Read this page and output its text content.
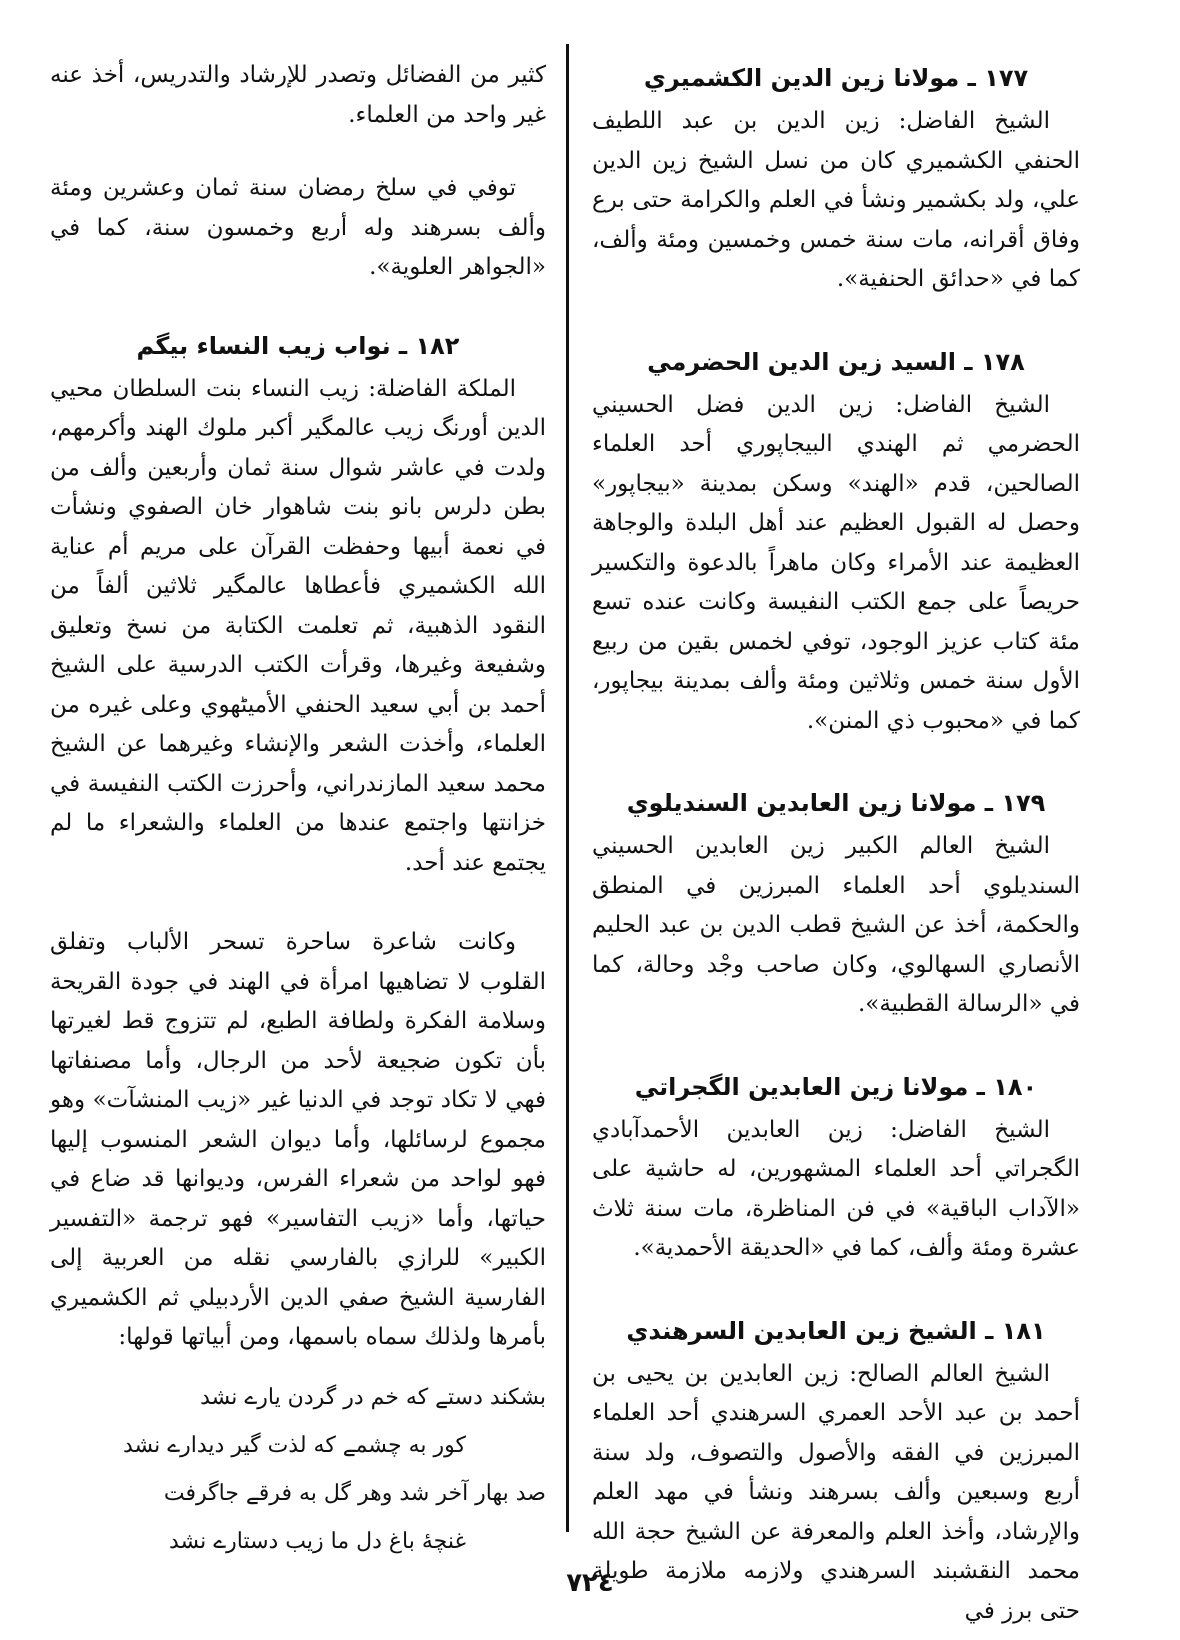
١٧٧ ـ مولانا زين الدين الكشميري

الشيخ الفاضل: زين الدين بن عبد اللطيف الحنفي الكشميري كان من نسل الشيخ زين الدين علي، ولد بكشمير ونشأ في العلم والكرامة حتى برع وفاق أقرانه، مات سنة خمس وخمسين ومئة وألف، كما في «حدائق الحنفية».

١٧٨ ـ السيد زين الدين الحضرمي

الشيخ الفاضل: زين الدين فضل الحسيني الحضرمي ثم الهندي البيجاپوري أحد العلماء الصالحين، قدم «الهند» وسكن بمدينة «بيجاپور» وحصل له القبول العظيم عند أهل البلدة والوجاهة العظيمة عند الأمراء وكان ماهراً بالدعوة والتكسير حريصاً على جمع الكتب النفيسة وكانت عنده تسع مئة كتاب عزيز الوجود، توفي لخمس بقين من ربيع الأول سنة خمس وثلاثين ومئة وألف بمدينة بيجاپور، كما في «محبوب ذي المنن».

١٧٩ ـ مولانا زين العابدين السنديلوي

الشيخ العالم الكبير زين العابدين الحسيني السنديلوي أحد العلماء المبرزين في المنطق والحكمة، أخذ عن الشيخ قطب الدين بن عبد الحليم الأنصاري السهالوي، وكان صاحب وجْد وحالة، كما في «الرسالة القطبية».

١٨٠ ـ مولانا زين العابدين الگجراتي

الشيخ الفاضل: زين العابدين الأحمدآبادي الگجراتي أحد العلماء المشهورين، له حاشية على «الآداب الباقية» في فن المناظرة، مات سنة ثلاث عشرة ومئة وألف، كما في «الحديقة الأحمدية».

١٨١ ـ الشيخ زين العابدين السرهندي

الشيخ العالم الصالح: زين العابدين بن يحيى بن أحمد بن عبد الأحد العمري السرهندي أحد العلماء المبرزين في الفقه والأصول والتصوف، ولد سنة أربع وسبعين وألف بسرهند ونشأ في مهد العلم والإرشاد، وأخذ العلم والمعرفة عن الشيخ حجة الله محمد النقشبند السرهندي ولازمه ملازمة طويلة حتى برز في

كثير من الفضائل وتصدر للإرشاد والتدريس، أخذ عنه غير واحد من العلماء.

توفي في سلخ رمضان سنة ثمان وعشرين ومئة وألف بسرهند وله أربع وخمسون سنة، كما في «الجواهر العلوية».

١٨٢ ـ نواب زيب النساء بيگم

الملكة الفاضلة: زيب النساء بنت السلطان محيي الدين أورنگ زيب عالمگير أكبر ملوك الهند وأكرمهم، ولدت في عاشر شوال سنة ثمان وأربعين وألف من بطن دلرس بانو بنت شاهوار خان الصفوي ونشأت في نعمة أبيها وحفظت القرآن على مريم أم عناية الله الكشميري فأعطاها عالمگير ثلاثين ألفاً من النقود الذهبية، ثم تعلمت الكتابة من نسخ وتعليق وشفيعة وغيرها، وقرأت الكتب الدرسية على الشيخ أحمد بن أبي سعيد الحنفي الأميٹهوي وعلى غيره من العلماء، وأخذت الشعر والإنشاء وغيرهما عن الشيخ محمد سعيد المازندراني، وأحرزت الكتب النفيسة في خزانتها واجتمع عندها من العلماء والشعراء ما لم يجتمع عند أحد.

وكانت شاعرة ساحرة تسحر الألباب وتفلق القلوب لا تضاهيها امرأة في الهند في جودة القريحة وسلامة الفكرة ولطافة الطبع، لم تتزوج قط لغيرتها بأن تكون ضجيعة لأحد من الرجال، وأما مصنفاتها فهي لا تكاد توجد في الدنيا غير «زيب المنشآت» وهو مجموع لرسائلها، وأما ديوان الشعر المنسوب إليها فهو لواحد من شعراء الفرس، وديوانها قد ضاع في حياتها، وأما «زيب التفاسير» فهو ترجمة «التفسير الكبير» للرازي بالفارسي نقله من العربية إلى الفارسية الشيخ صفي الدين الأردبيلي ثم الكشميري بأمرها ولذلك سماه باسمها، ومن أبياتها قولها:

بشكند دستے كه خم در گردن يارے نشد

كور به چشمے كه لذت گير ديدارے نشد

صد بهار آخر شد وهر گل به فرقے جاگرفت

غنچهٔ باغ دل ما زيب دستارے نشد

٧٢٤
